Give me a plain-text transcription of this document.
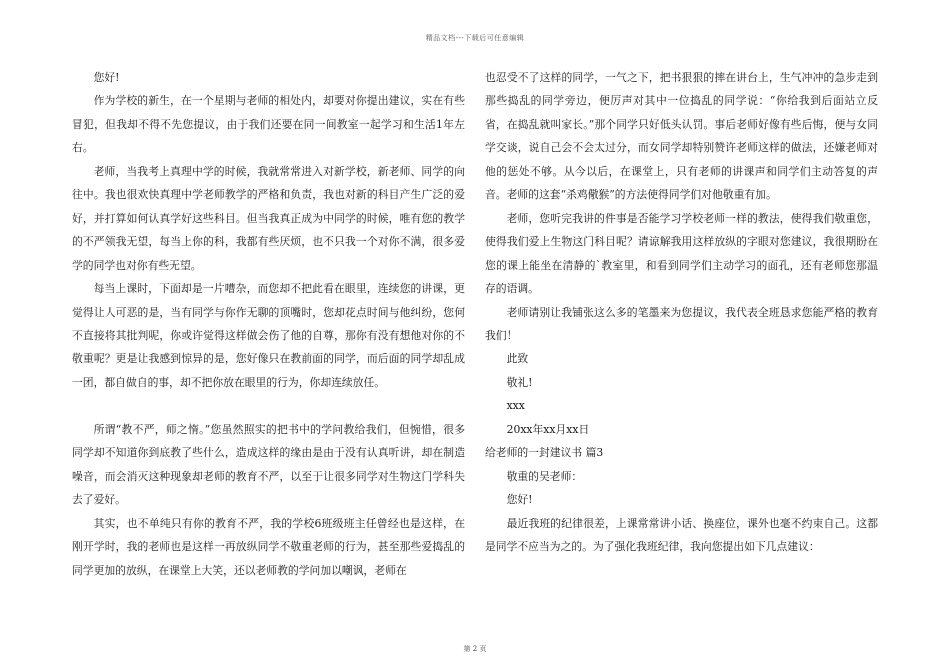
精品文档---下载后可任意编辑

您好!

作为学校的新生，在一个星期与老师的相处内，却要对你提出建议，实在有些冒犯，但我却不得不先您提议，由于我们还要在同一间教室一起学习和生活1年左右。

老师，当我考上真理中学的时候，我就常常进入对新学校，新老师、同学的向往中。我也很欢快真理中学老师教学的严格和负责，我也对新的科目产生广泛的爱好，并打算如何认真学好这些科目。但当我真正成为中同学的时候，唯有您的教学的不严领我无望，每当上你的科，我都有些厌烦，也不只我一个对你不满，很多爱学的同学也对你有些无望。

每当上课时，下面却是一片嘈杂，而您却不把此看在眼里，连续您的讲课，更觉得让人可恶的是，当有同学与你作无聊的顶嘴时，您却花点时间与他纠纷，您何不直接将其批判呢，你或许觉得这样做会伤了他的自尊，那你有没有想他对你的不敬重呢？更是让我感到惊异的是，您好像只在教前面的同学，而后面的同学却乱成一团，都自做自的事，却不把你放在眼里的行为，你却连续放任。

所谓“教不严，师之惰。”您虽然照实的把书中的学问教给我们，但惋惜，很多同学却不知道你到底教了些什么，造成这样的缘由是由于没有认真听讲，却在制造噪音，而会消灭这种现象却老师的教育不严，以至于让很多同学对生物这门学科失去了爱好。

其实，也不单纯只有你的教育不严，我的学校6班级班主任曾经也是这样，在刚开学时，我的老师也是这样一再放纵同学不敬重老师的行为，甚至那些爱捣乱的同学更加的放纵，在课堂上大笑，还以老师教的学问加以嘲讽，老师在

也忍受不了这样的同学，一气之下，把书狠狠的摔在讲台上，生气冲冲的急步走到那些捣乱的同学旁边，便厉声对其中一位捣乱的同学说：“你给我到后面站立反省，在捣乱就叫家长。”那个同学只好低头认罚。事后老师好像有些后悔，便与女同学交谈，说自己会不会太过分，而女同学却特别赞许老师这样的做法，还嫌老师对他的惩处不够。从今以后，在课堂上，只有老师的讲课声和同学们主动答复的声音。老师的这套“杀鸡儆猴”的方法使得同学们对他敬重有加。

老师，您听完我讲的件事是否能学习学校老师一样的教法，使得我们敬重您，使得我们爱上生物这门科目呢？请谅解我用这样放纵的字眼对您建议，我很期盼在您的课上能坐在清静的`教室里，和看到同学们主动学习的面孔，还有老师您那温存的语调。

老师请别让我铺张这么多的笔墨来为您提议，我代表全班恳求您能严格的教育我们！

此致

敬礼!

xxx

20xx年xx月xx日

给老师的一封建议书 篇3

敬重的吴老师：

您好!

最近我班的纪律很差，上课常常讲小话、换座位，课外也毫不约束自己。这都是同学不应当为之的。为了强化我班纪律，我向您提出如下几点建议：

第 2 页
